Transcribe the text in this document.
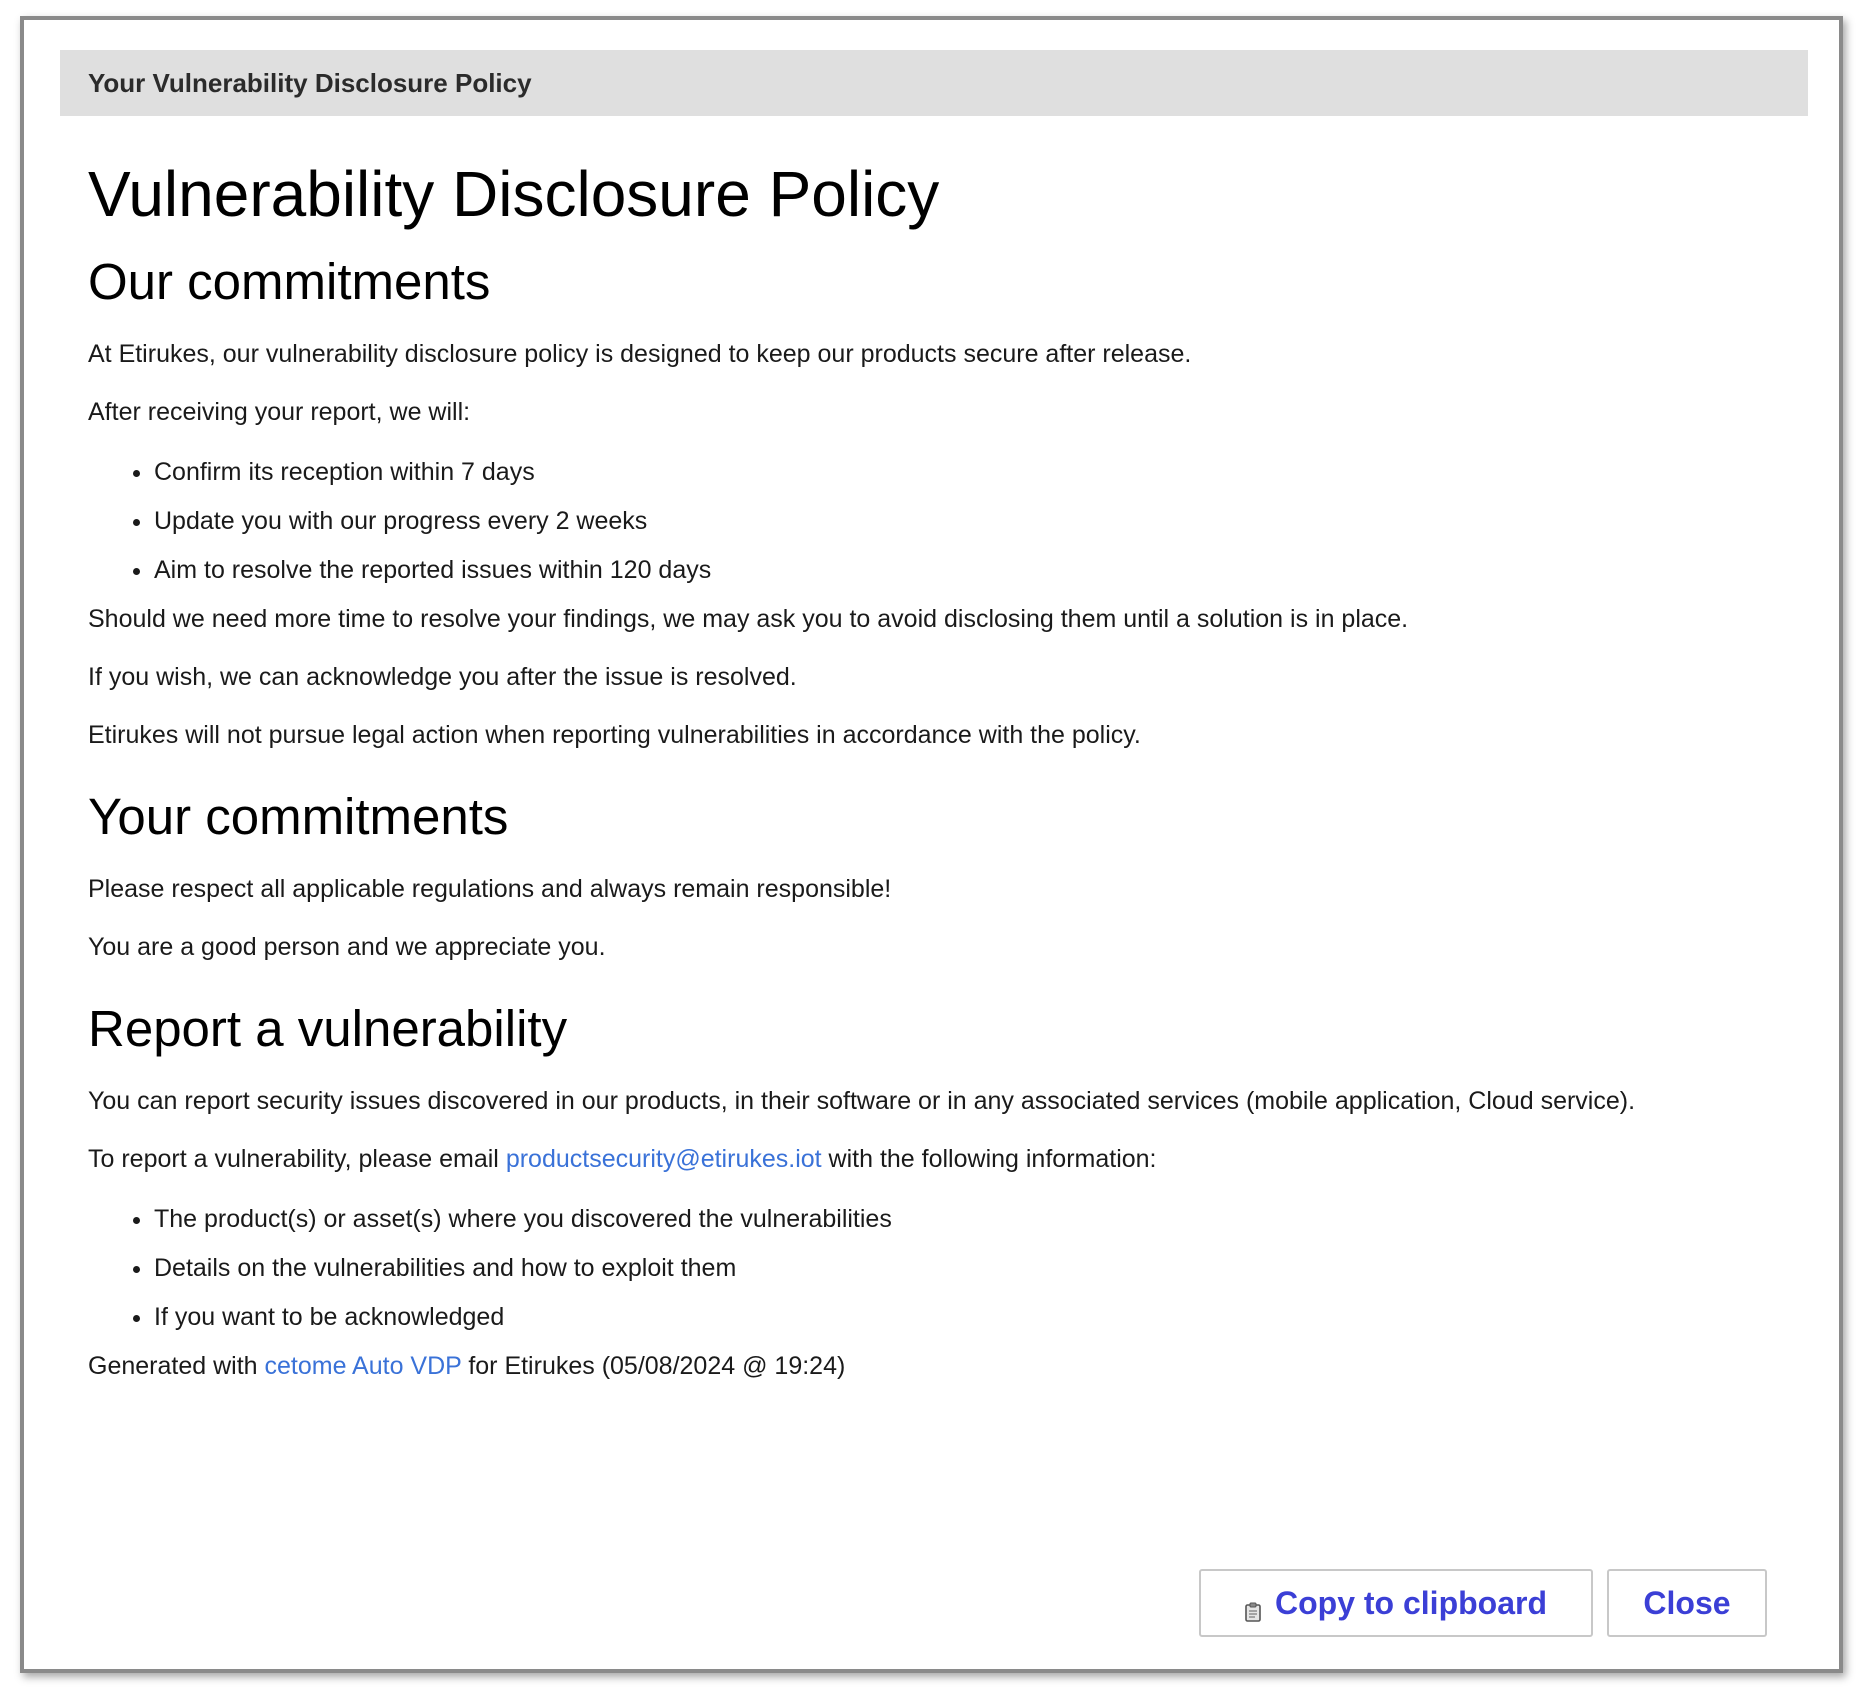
Your Vulnerability Disclosure Policy
Vulnerability Disclosure Policy
Our commitments

At Etirukes, our vulnerability disclosure policy is designed to keep our products secure after release.

After receiving your report, we will:

• Confirm its reception within 7 days
• Update you with our progress every 2 weeks
• Aim to resolve the reported issues within 120 days

Should we need more time to resolve your findings, we may ask you to avoid disclosing them until a solution is in place.

If you wish, we can acknowledge you after the issue is resolved.

Etirukes will not pursue legal action when reporting vulnerabilities in accordance with the policy.

Your commitments

Please respect all applicable regulations and always remain responsible!

You are a good person and we appreciate you.

Report a vulnerability

You can report security issues discovered in our products, in their software or in any associated services (mobile application, Cloud service).

To report a vulnerability, please email productsecurity@etirukes.iot with the following information:

• The product(s) or asset(s) where you discovered the vulnerabilities
• Details on the vulnerabilities and how to exploit them
• If you want to be acknowledged

Generated with cetome Auto VDP for Etirukes (05/08/2024 @ 19:24)

Copy to clipboard	Close
